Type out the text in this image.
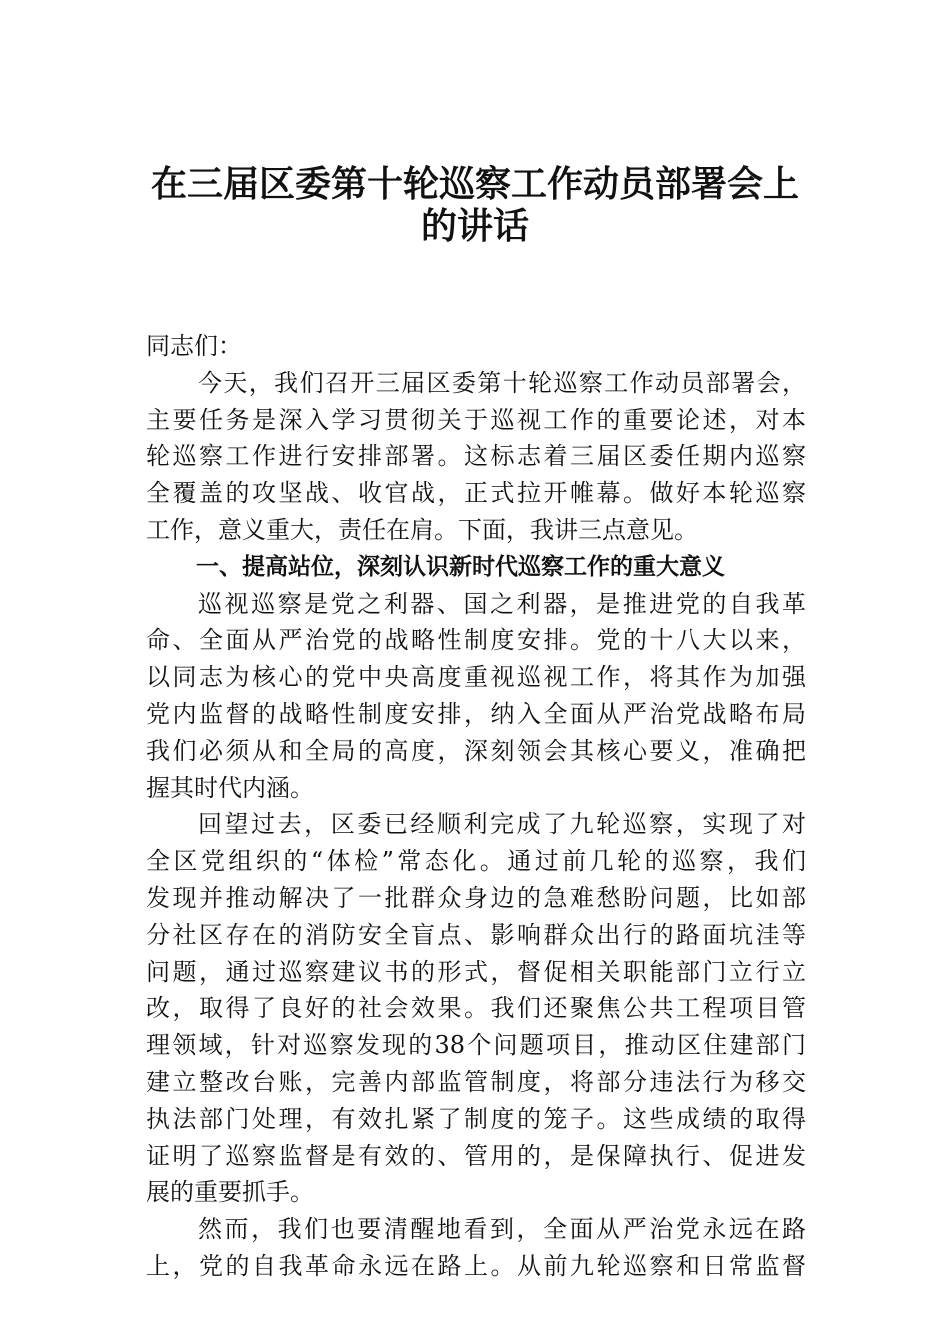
在三届区委第十轮巡察工作动员部署会上
的讲话
同志们：
今天，我们召开三届区委第十轮巡察工作动员部署会，
主要任务是深入学习贯彻关于巡视工作的重要论述，对本
轮巡察工作进行安排部署。这标志着三届区委任期内巡察
全覆盖的攻坚战、收官战，正式拉开帷幕。做好本轮巡察
工作，意义重大，责任在肩。下面，我讲三点意见。
一、提高站位，深刻认识新时代巡察工作的重大意义
巡视巡察是党之利器、国之利器，是推进党的自我革
命、全面从严治党的战略性制度安排。党的十八大以来，
以同志为核心的党中央高度重视巡视工作，将其作为加强
党内监督的战略性制度安排，纳入全面从严治党战略布局
我们必须从和全局的高度，深刻领会其核心要义，准确把
握其时代内涵。
回望过去，区委已经顺利完成了九轮巡察，实现了对
全区党组织的“体检”常态化。通过前几轮的巡察，我们
发现并推动解决了一批群众身边的急难愁盼问题，比如部
分社区存在的消防安全盲点、影响群众出行的路面坑洼等
问题，通过巡察建议书的形式，督促相关职能部门立行立
改，取得了良好的社会效果。我们还聚焦公共工程项目管
理领域，针对巡察发现的38个问题项目，推动区住建部门
建立整改台账，完善内部监管制度，将部分违法行为移交
执法部门处理，有效扎紧了制度的笼子。这些成绩的取得
证明了巡察监督是有效的、管用的，是保障执行、促进发
展的重要抓手。
然而，我们也要清醒地看到，全面从严治党永远在路
上，党的自我革命永远在路上。从前九轮巡察和日常监督
